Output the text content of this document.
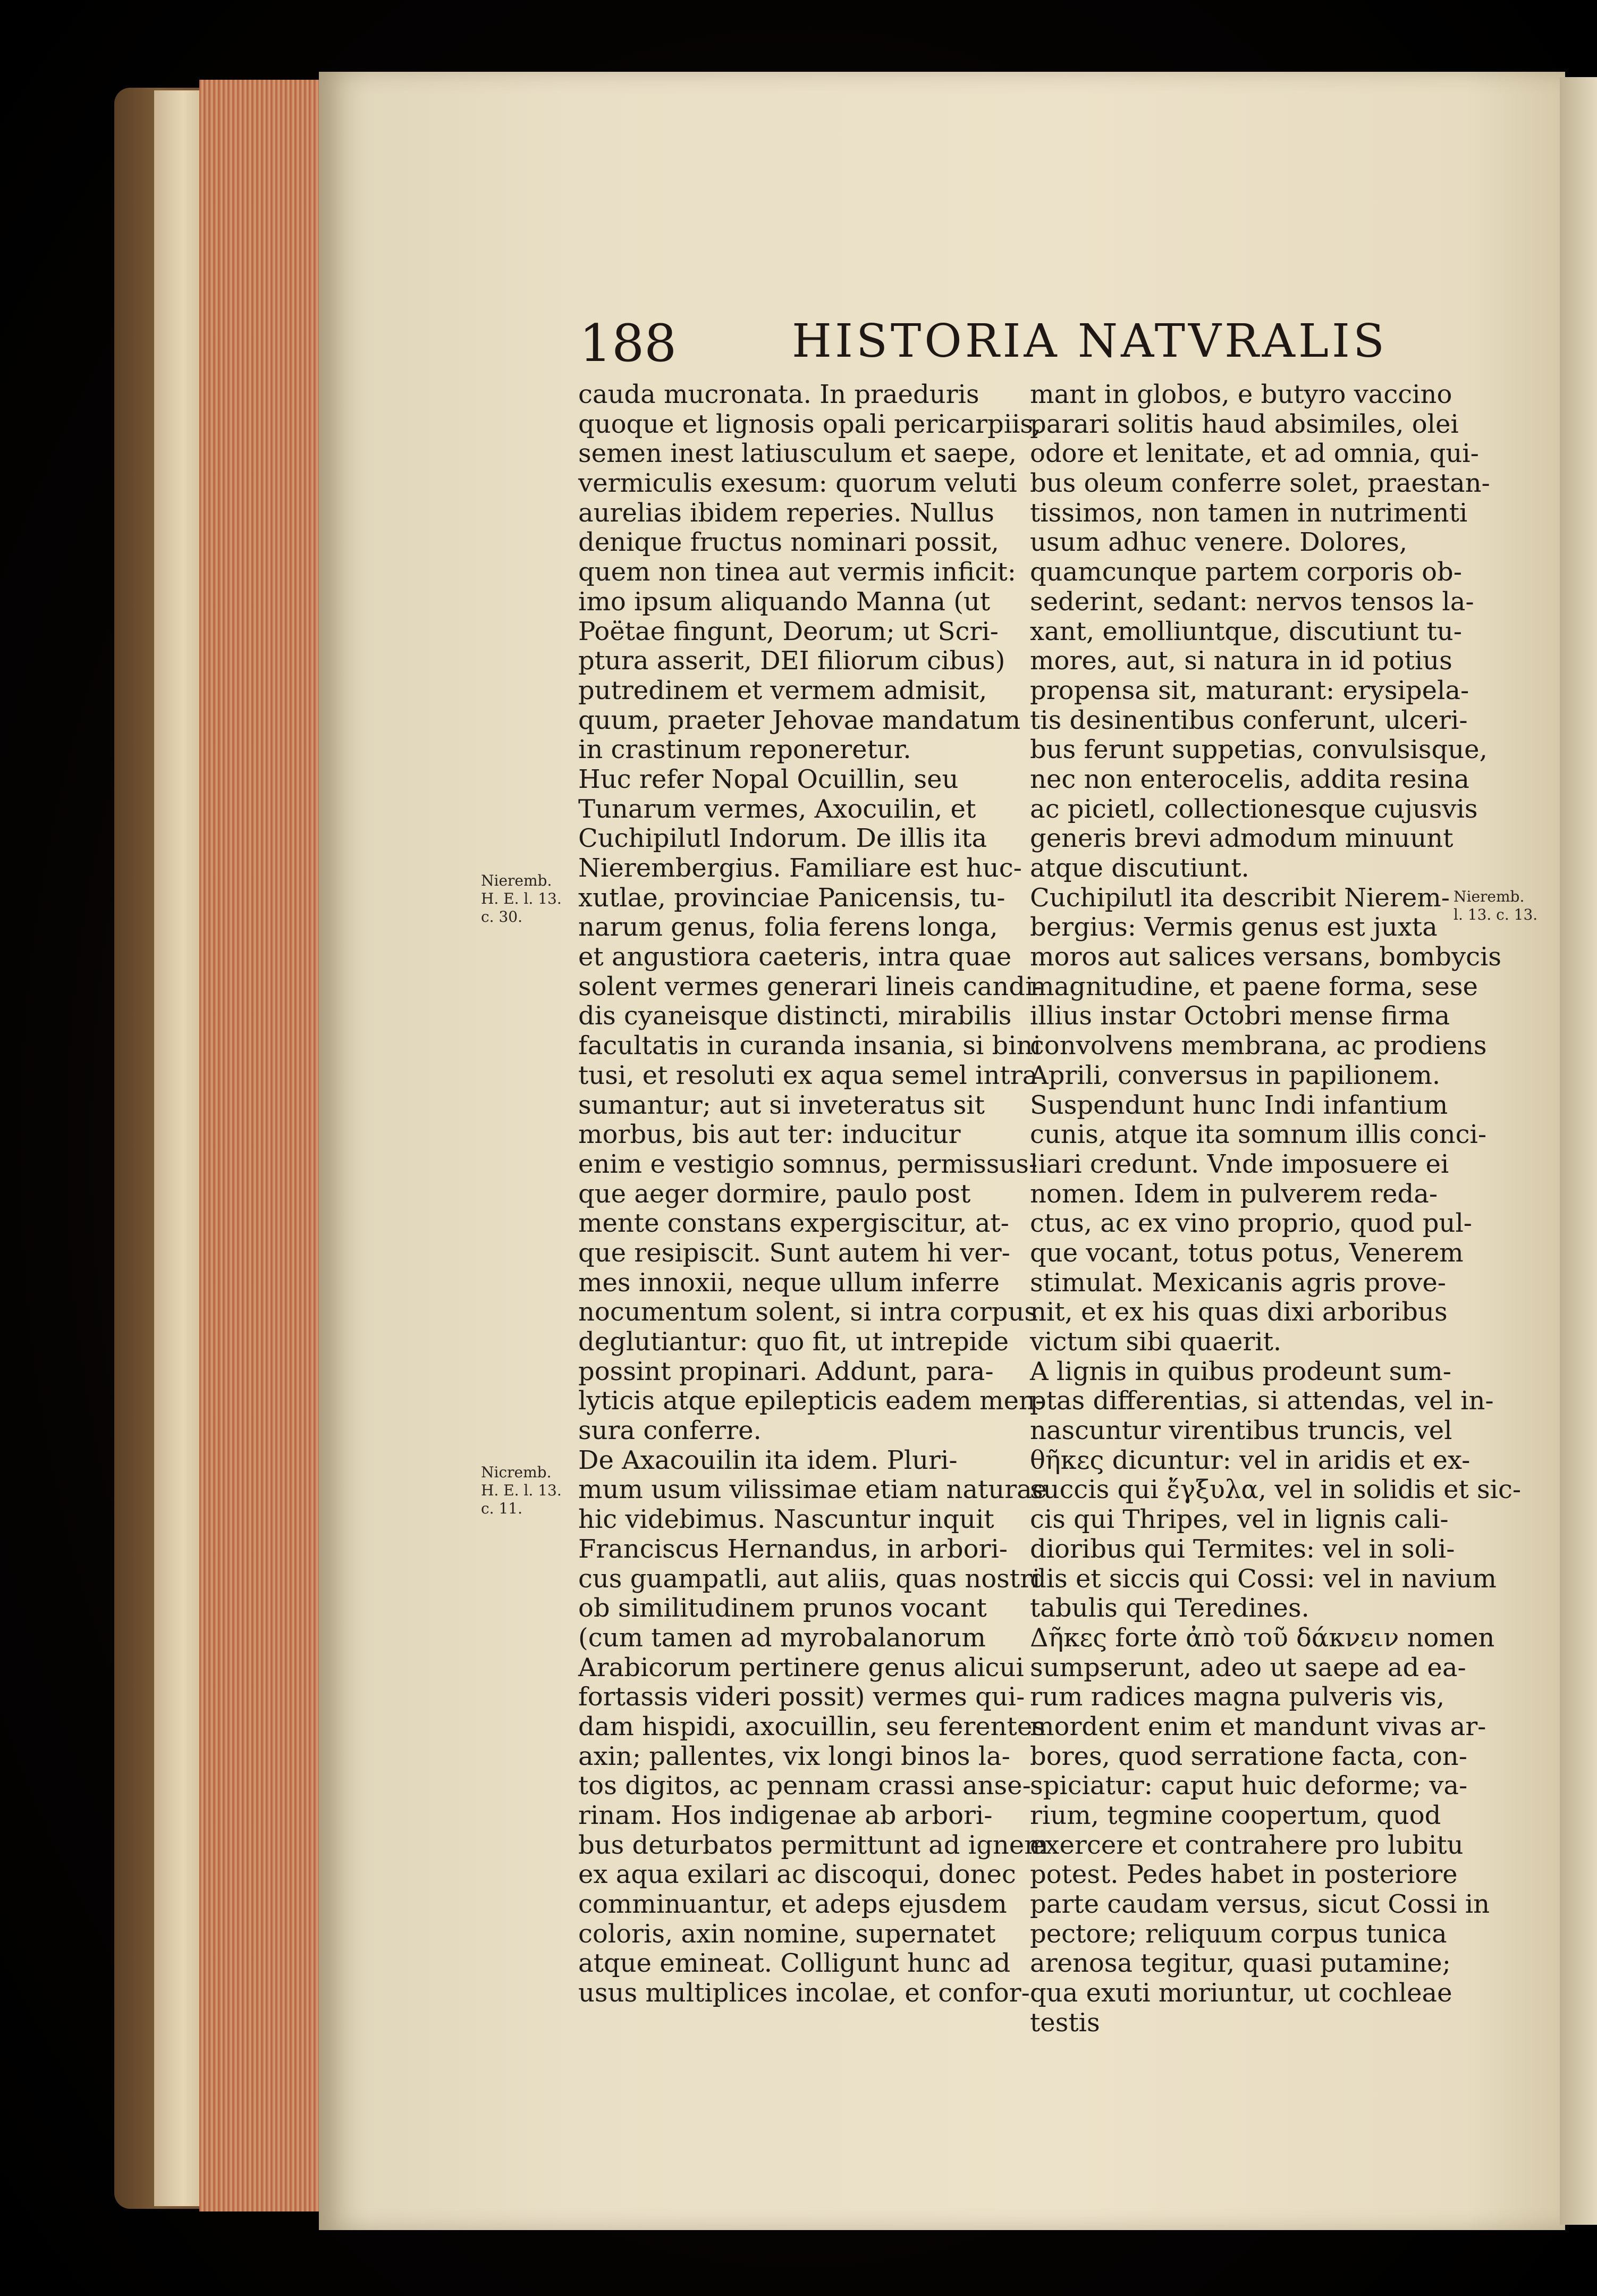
188	HISTORIA NATVRALIS
cauda mucronata. In praeduris
quoque et lignosis opali pericarpiis,
semen inest latiusculum et saepe,
vermiculis exesum: quorum veluti
aurelias ibidem reperies. Nullus
denique fructus nominari possit,
quem non tinea aut vermis inficit:
imo ipsum aliquando Manna (ut
Poëtae fingunt, Deorum; ut Scri-
ptura asserit, DEI filiorum cibus)
putredinem et vermem admisit,
quum, praeter Jehovae mandatum
in crastinum reponeretur.
Huc refer Nopal Ocuillin, seu
Tunarum vermes, Axocuilin, et
Cuchipilutl Indorum. De illis ita
Nierembergius. Familiare est huc-
xutlae, provinciae Panicensis, tu-
narum genus, folia ferens longa,
et angustiora caeteris, intra quae
solent vermes generari lineis candi-
dis cyaneisque distincti, mirabilis
facultatis in curanda insania, si bini
tusi, et resoluti ex aqua semel intra
sumantur; aut si inveteratus sit
morbus, bis aut ter: inducitur
enim e vestigio somnus, permissus-
que aeger dormire, paulo post
mente constans expergiscitur, at-
que resipiscit. Sunt autem hi ver-
mes innoxii, neque ullum inferre
nocumentum solent, si intra corpus
deglutiantur: quo fit, ut intrepide
possint propinari. Addunt, para-
lyticis atque epilepticis eadem men-
sura conferre.
De Axacouilin ita idem. Pluri-
mum usum vilissimae etiam naturae
hic videbimus. Nascuntur inquit
Franciscus Hernandus, in arbori-
cus guampatli, aut aliis, quas nostri
ob similitudinem prunos vocant
(cum tamen ad myrobalanorum
Arabicorum pertinere genus alicui
fortassis videri possit) vermes qui-
dam hispidi, axocuillin, seu ferentes
axin; pallentes, vix longi binos la-
tos digitos, ac pennam crassi anse-
rinam. Hos indigenae ab arbori-
bus deturbatos permittunt ad ignem
ex aqua exilari ac discoqui, donec
comminuantur, et adeps ejusdem
coloris, axin nomine, supernatet
atque emineat. Colligunt hunc ad
usus multiplices incolae, et confor-
mant in globos, e butyro vaccino
parari solitis haud absimiles, olei
odore et lenitate, et ad omnia, qui-
bus oleum conferre solet, praestan-
tissimos, non tamen in nutrimenti
usum adhuc venere. Dolores,
quamcunque partem corporis ob-
sederint, sedant: nervos tensos la-
xant, emolliuntque, discutiunt tu-
mores, aut, si natura in id potius
propensa sit, maturant: erysipela-
tis desinentibus conferunt, ulceri-
bus ferunt suppetias, convulsisque,
nec non enterocelis, addita resina
ac picietl, collectionesque cujusvis
generis brevi admodum minuunt
atque discutiunt.
Cuchipilutl ita describit Nierem-
bergius: Vermis genus est juxta
moros aut salices versans, bombycis
magnitudine, et paene forma, sese
illius instar Octobri mense firma
convolvens membrana, ac prodiens
Aprili, conversus in papilionem.
Suspendunt hunc Indi infantium
cunis, atque ita somnum illis conci-
liari credunt. Vnde imposuere ei
nomen. Idem in pulverem reda-
ctus, ac ex vino proprio, quod pul-
que vocant, totus potus, Venerem
stimulat. Mexicanis agris prove-
nit, et ex his quas dixi arboribus
victum sibi quaerit.
A lignis in quibus prodeunt sum-
ptas differentias, si attendas, vel in-
nascuntur virentibus truncis, vel
θῆκες dicuntur: vel in aridis et ex-
succis qui ἔγξυλα, vel in solidis et sic-
cis qui Thripes, vel in lignis cali-
dioribus qui Termites: vel in soli-
dis et siccis qui Cossi: vel in navium
tabulis qui Teredines.
Δῆκες forte ἀπὸ τοῦ δάκνειν nomen
sumpserunt, adeo ut saepe ad ea-
rum radices magna pulveris vis,
mordent enim et mandunt vivas ar-
bores, quod serratione facta, con-
spiciatur: caput huic deforme; va-
rium, tegmine coopertum, quod
exercere et contrahere pro lubitu
potest. Pedes habet in posteriore
parte caudam versus, sicut Cossi in
pectore; reliquum corpus tunica
arenosa tegitur, quasi putamine;
qua exuti moriuntur, ut cochleae
testis
Nieremb.
H. E. l. 13.
c. 30.
Nicremb.
H. E. l. 13.
c. 11.
Nieremb.
l. 13. c. 13.
